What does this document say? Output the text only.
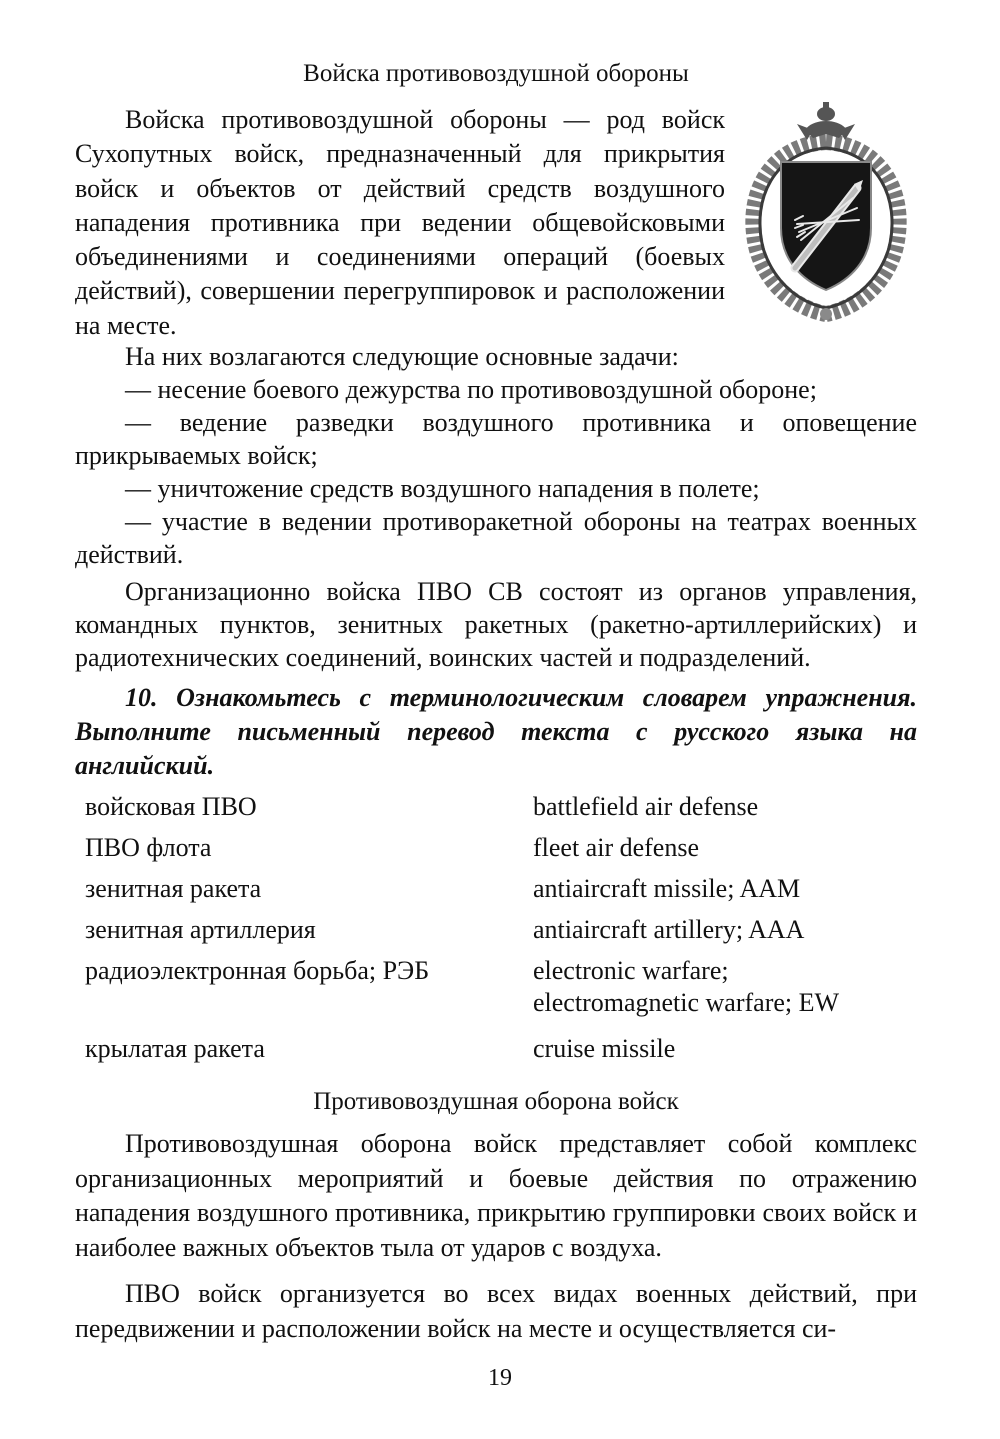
Войска противовоздушной обороны

Войска противовоздушной обороны — род войск Сухопутных войск, предназначенный для прикрытия войск и объектов от действий средств воздушного нападения противника при ведении общевойсковыми объединениями и соединениями операций (боевых действий), совершении перегруппировок и расположении на месте.

На них возлагаются следующие основные задачи:

— несение боевого дежурства по противовоздушной обороне;

— ведение разведки воздушного противника и оповещение прикрываемых войск;

— уничтожение средств воздушного нападения в полете;

— участие в ведении противоракетной обороны на театрах военных действий.

Организационно войска ПВО СВ состоят из органов управления, командных пунктов, зенитных ракетных (ракетно-артиллерийских) и радиотехнических соединений, воинских частей и подразделений.

10. Ознакомьтесь с терминологическим словарем упражнения. Выполните письменный перевод текста с русского языка на английский.

войсковая ПВО	battlefield air defense
ПВО флота	fleet air defense
зенитная ракета	antiaircraft missile; AAM
зенитная артиллерия	antiaircraft artillery; AAA
радиоэлектронная борьба; РЭБ	electronic warfare;
electromagnetic warfare; EW
крылатая ракета	cruise missile
Противовоздушная оборона войск

Противовоздушная оборона войск представляет собой комплекс организационных мероприятий и боевые действия по отражению нападения воздушного противника, прикрытию группировки своих войск и наиболее важных объектов тыла от ударов с воздуха.

ПВО войск организуется во всех видах военных действий, при передвижении и расположении войск на месте и осуществляется си-

19
